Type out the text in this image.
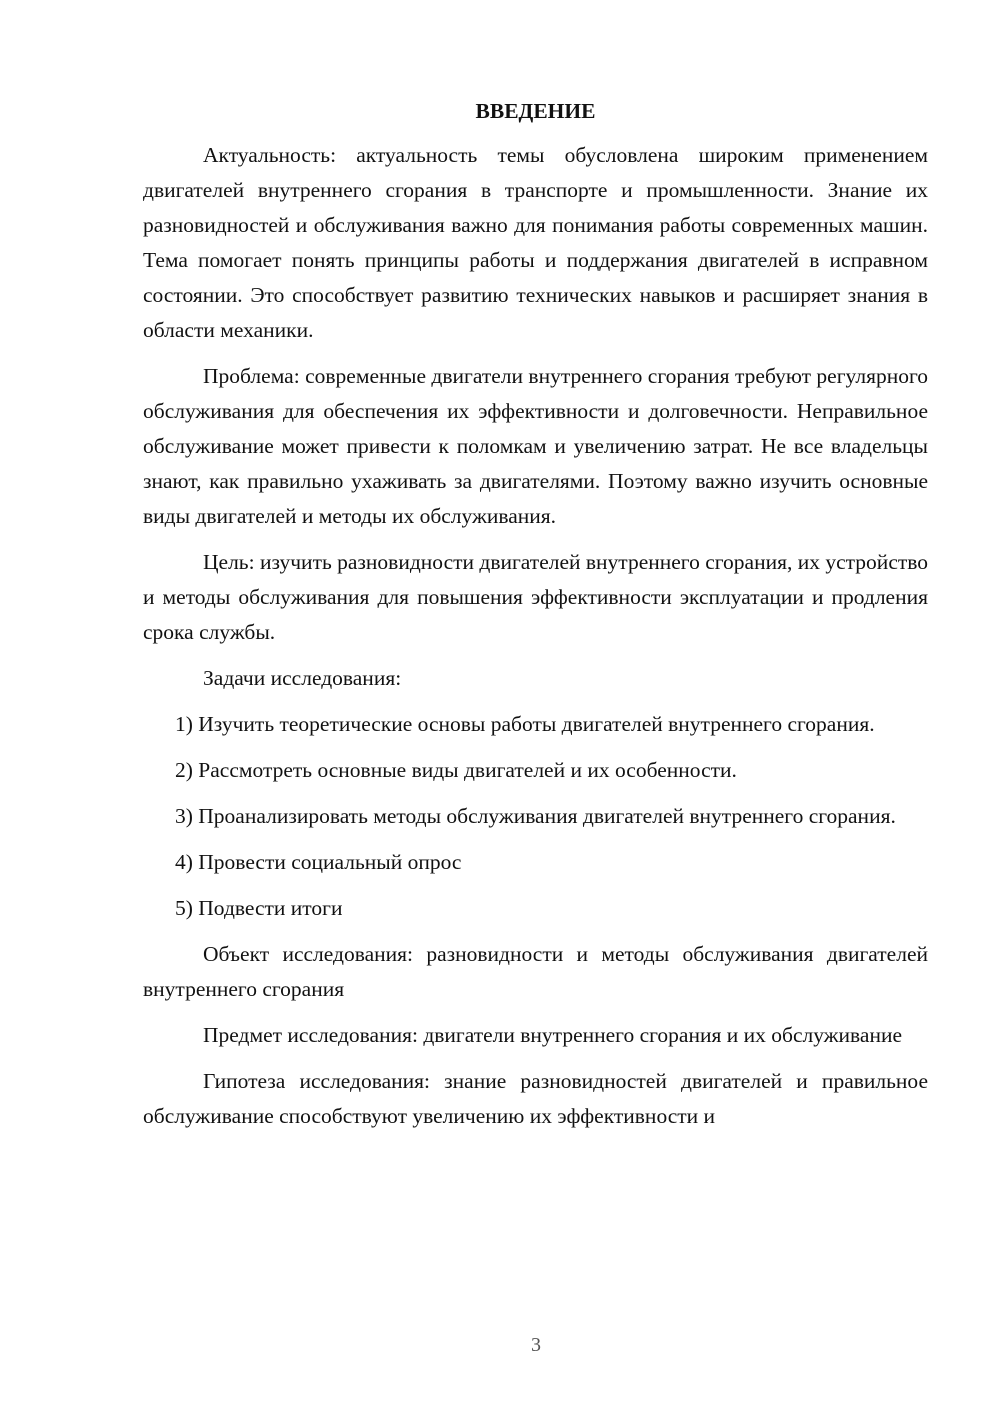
ВВЕДЕНИЕ

Актуальность: актуальность темы обусловлена широким применением двигателей внутреннего сгорания в транспорте и промышленности. Знание их разновидностей и обслуживания важно для понимания работы современных машин. Тема помогает понять принципы работы и поддержания двигателей в исправном состоянии. Это способствует развитию технических навыков и расширяет знания в области механики.

Проблема: современные двигатели внутреннего сгорания требуют регулярного обслуживания для обеспечения их эффективности и долговечности. Неправильное обслуживание может привести к поломкам и увеличению затрат. Не все владельцы знают, как правильно ухаживать за двигателями. Поэтому важно изучить основные виды двигателей и методы их обслуживания.

Цель: изучить разновидности двигателей внутреннего сгорания, их устройство и методы обслуживания для повышения эффективности эксплуатации и продления срока службы.

Задачи исследования:

1) Изучить теоретические основы работы двигателей внутреннего сгорания.

2) Рассмотреть основные виды двигателей и их особенности.

3) Проанализировать методы обслуживания двигателей внутреннего сгорания.

4) Провести социальный опрос

5) Подвести итоги

Объект исследования: разновидности и методы обслуживания двигателей внутреннего сгорания

Предмет исследования: двигатели внутреннего сгорания и их обслуживание

Гипотеза исследования: знание разновидностей двигателей и правильное обслуживание способствуют увеличению их эффективности и

3
